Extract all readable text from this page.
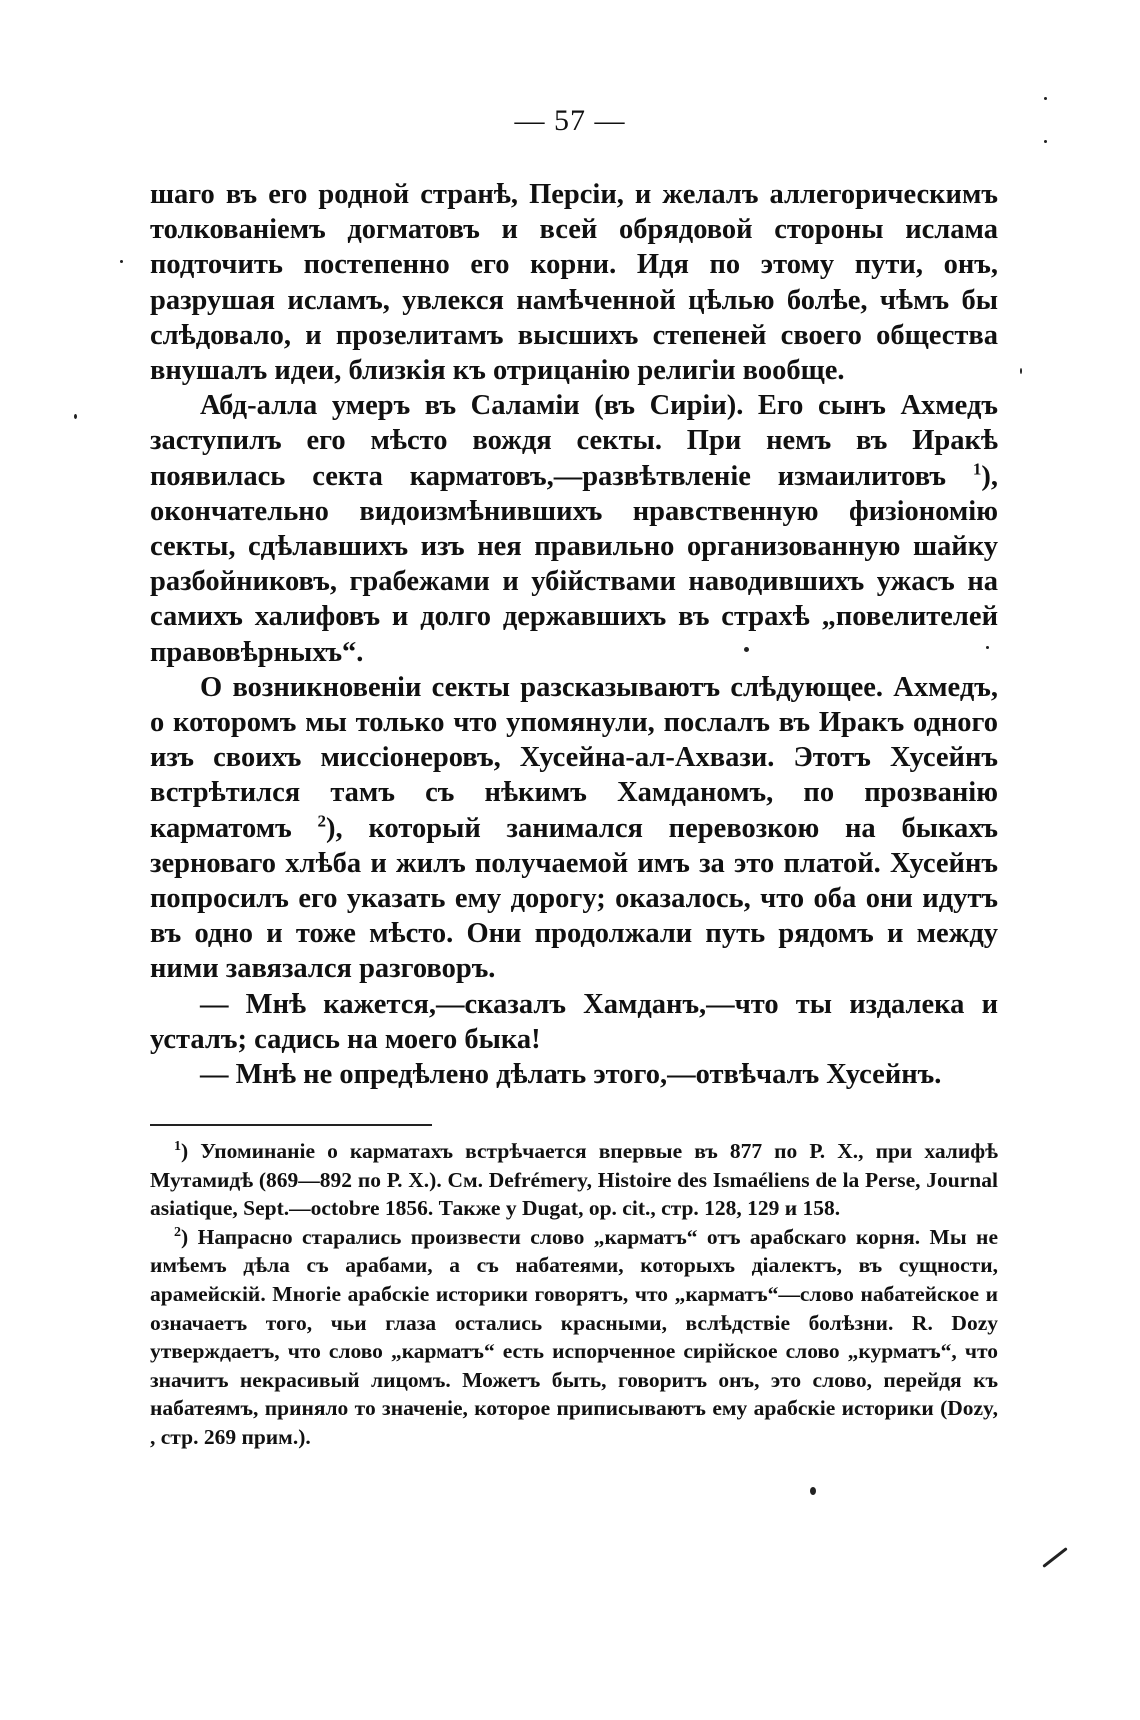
— 57 —

шаго въ его родной странѣ, Персіи, и желалъ аллегорическимъ толкованіемъ догматовъ и всей обрядовой стороны ислама подточить постепенно его корни. Идя по этому пути, онъ, разрушая исламъ, увлекся намѣченной цѣлью болѣе, чѣмъ бы слѣдовало, и прозелитамъ высшихъ степеней своего общества внушалъ идеи, близкія къ отрицанію религіи вообще.

Абд-алла умеръ въ Саламіи (въ Сиріи). Его сынъ Ахмедъ заступилъ его мѣсто вождя секты. При немъ въ Иракѣ появилась секта карматовъ,—развѣтвленіе измаилитовъ $^1$), окончательно видоизмѣнившихъ нравственную физіономію секты, сдѣлавшихъ изъ нея правильно организованную шайку разбойниковъ, грабежами и убійствами наводившихъ ужасъ на самихъ халифовъ и долго державшихъ въ страхѣ „повелителей правовѣрныхъ“.

О возникновеніи секты разсказываютъ слѣдующее. Ахмедъ, о которомъ мы только что упомянули, послалъ въ Иракъ одного изъ своихъ миссіонеровъ, Хусейна-ал-Ахвази. Этотъ Хусейнъ встрѣтился тамъ съ нѣкимъ Хамданомъ, по прозванію карматомъ $^2$), который занимался перевозкою на быкахъ зерноваго хлѣба и жилъ получаемой имъ за это платой. Хусейнъ попросилъ его указать ему дорогу; оказалось, что оба они идутъ въ одно и тоже мѣсто. Они продолжали путь рядомъ и между ними завязался разговоръ.

— Мнѣ кажется,—сказалъ Хамданъ,—что ты издалека и усталъ; садись на моего быка!

— Мнѣ не опредѣлено дѣлать этого,—отвѣчалъ Хусейнъ.

$^1$) Упоминаніе о карматахъ встрѣчается впервые въ 877 по Р. Х., при халифѣ Мутамидѣ (869—892 по Р. Х.). См. Defrémery, Histoire des Ismaéliens de la Perse, Journal asiatique, Sept.—octobre 1856. Также у Dugat, op. cit., стр. 128, 129 и 158.

$^2$) Напрасно старались произвести слово „карматъ“ отъ арабскаго корня. Мы не имѣемъ дѣла съ арабами, а съ набатеями, которыхъ діалектъ, въ сущности, арамейскій. Многіе арабскіе историки говорятъ, что „карматъ“—слово набатейское и означаетъ того, чьи глаза остались красными, вслѣдствіе болѣзни. R. Dozy утверждаетъ, что слово „карматъ“ есть испорченное сирійское слово „курматъ“, что значитъ некрасивый лицомъ. Можетъ быть, говоритъ онъ, это слово, перейдя къ набатеямъ, приняло то значеніе, которое приписываютъ ему арабскіе историки (Dozy, , стр. 269 прим.).
